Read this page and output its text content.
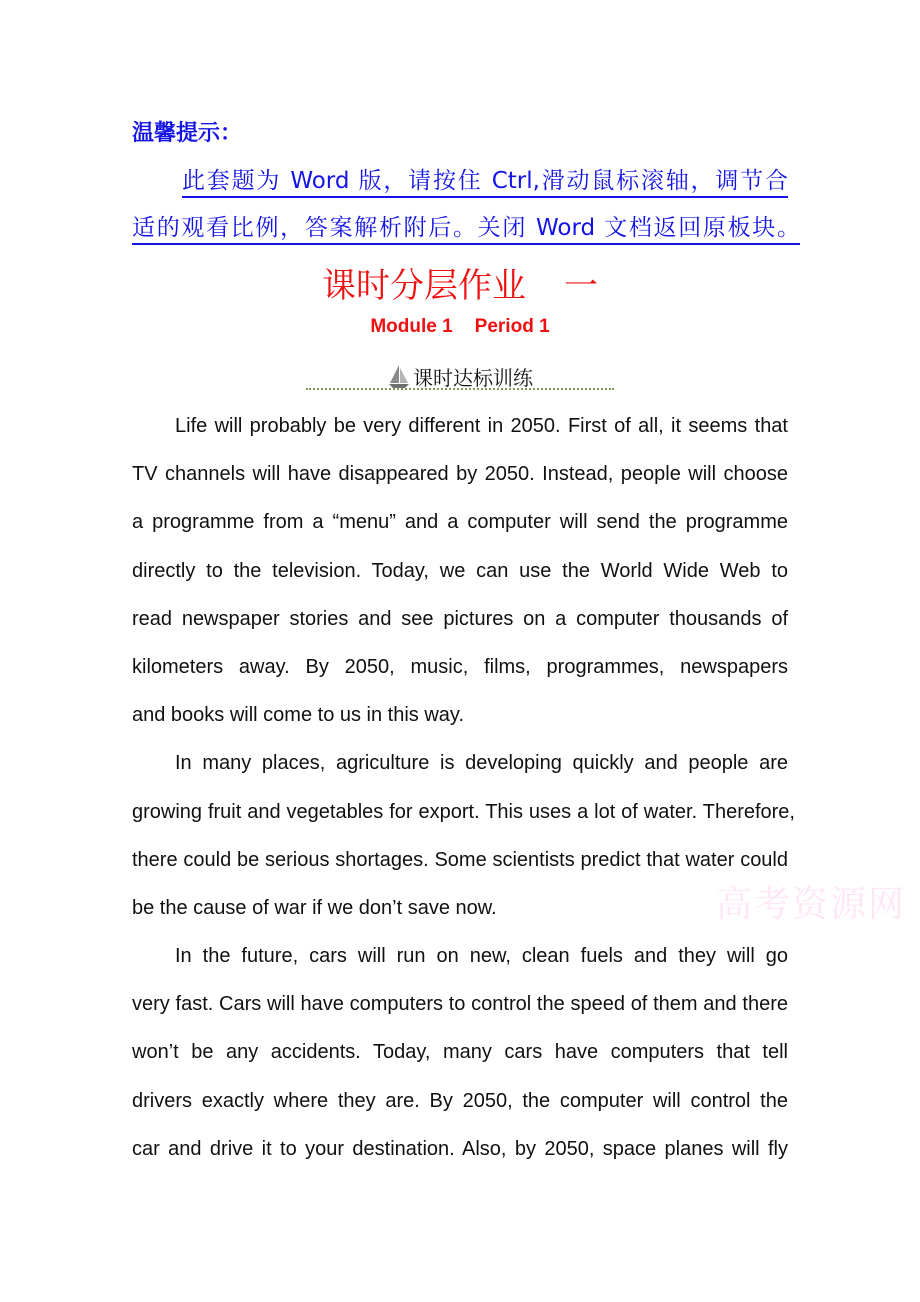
温馨提示：
此套题为 Word 版，请按住 Ctrl,滑动鼠标滚轴，调节合
适的观看比例，答案解析附后。关闭 Word 文档返回原板块。
课时分层作业 一
Module 1 Period 1
课时达标训练
Life will probably be very different in 2050. First of all, it seems that
TV channels will have disappeared by 2050. Instead, people will choose
a programme from a “menu” and a computer will send the programme
directly to the television. Today, we can use the World Wide Web to
read newspaper stories and see pictures on a computer thousands of
kilometers away. By 2050, music, films, programmes, newspapers
and books will come to us in this way.
In many places, agriculture is developing quickly and people are
growing fruit and vegetables for export. This uses a lot of water. Therefore,
there could be serious shortages. Some scientists predict that water could
be the cause of war if we don’t save now.
In the future, cars will run on new, clean fuels and they will go
very fast. Cars will have computers to control the speed of them and there
won’t be any accidents. Today, many cars have computers that tell
drivers exactly where they are. By 2050, the computer will control the
car and drive it to your destination. Also, by 2050, space planes will fly
高考资源网
